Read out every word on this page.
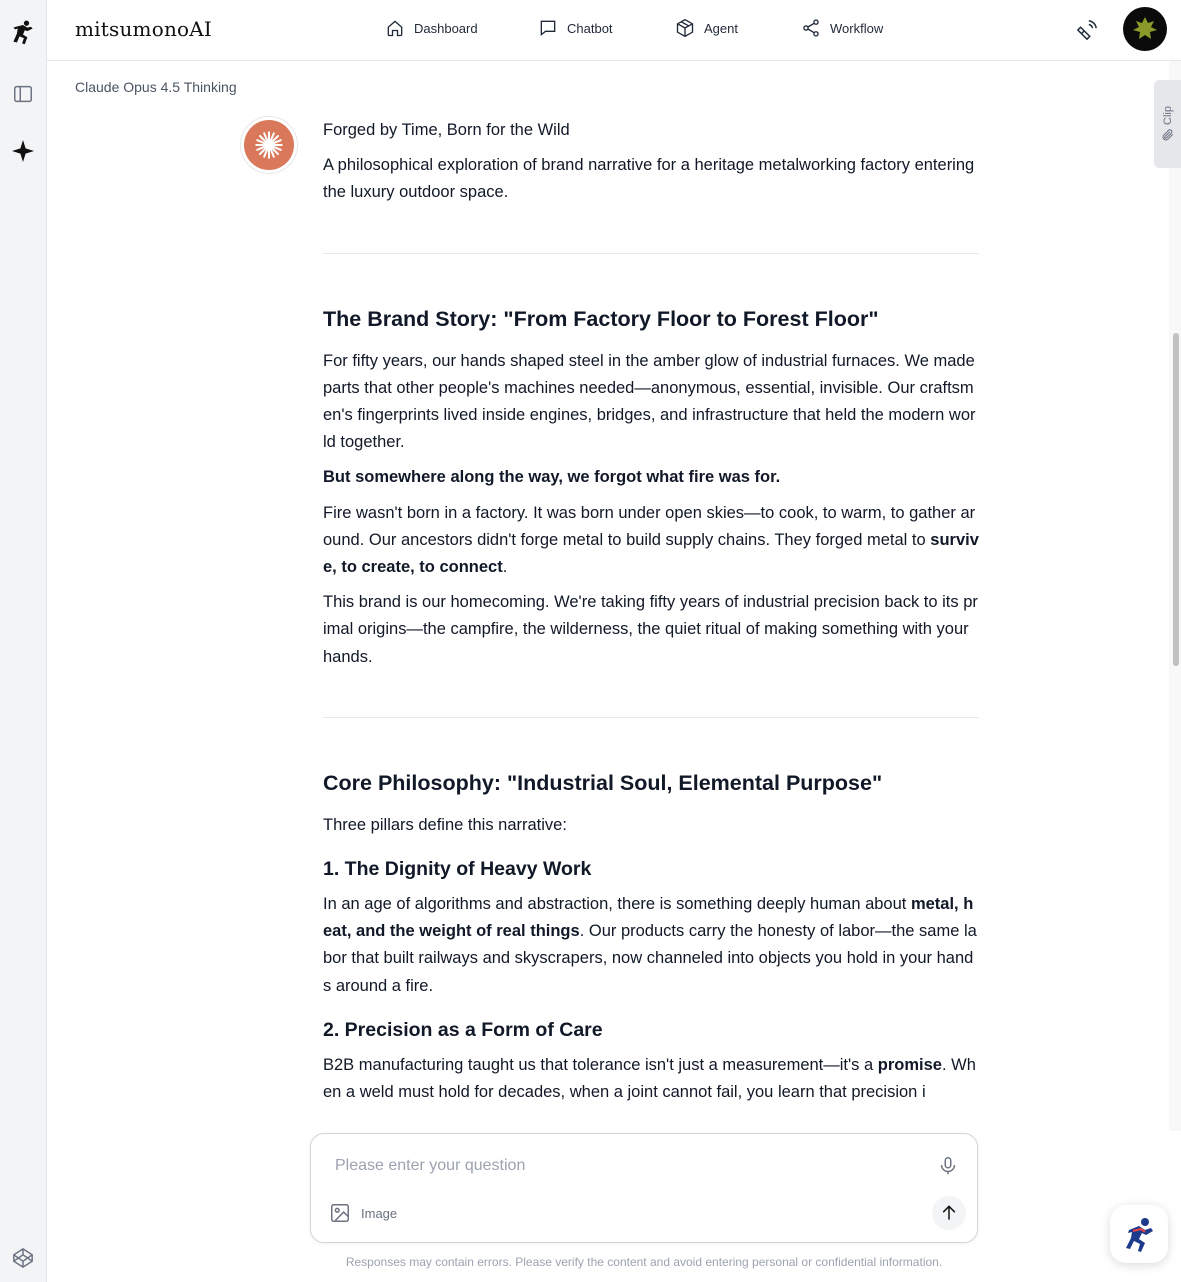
mitsumonoAI	Dashboard	Chatbot	Agent	Workflow
Claude Opus 4.5 Thinking
Clip

Forged by Time, Born for the Wild

A philosophical exploration of brand narrative for a heritage metalworking factory entering the luxury outdoor space.

The Brand Story: "From Factory Floor to Forest Floor"

For fifty years, our hands shaped steel in the amber glow of industrial furnaces. We made parts that other people's machines needed—anonymous, essential, invisible. Our craftsmen's fingerprints lived inside engines, bridges, and infrastructure that held the modern world together.

But somewhere along the way, we forgot what fire was for.

Fire wasn't born in a factory. It was born under open skies—to cook, to warm, to gather around. Our ancestors didn't forge metal to build supply chains. They forged metal to survive, to create, to connect.

This brand is our homecoming. We're taking fifty years of industrial precision back to its primal origins—the campfire, the wilderness, the quiet ritual of making something with your hands.

Core Philosophy: "Industrial Soul, Elemental Purpose"

Three pillars define this narrative:

1. The Dignity of Heavy Work

In an age of algorithms and abstraction, there is something deeply human about metal, heat, and the weight of real things. Our products carry the honesty of labor—the same labor that built railways and skyscrapers, now channeled into objects you hold in your hands around a fire.

2. Precision as a Form of Care

B2B manufacturing taught us that tolerance isn't just a measurement—it's a promise. When a weld must hold for decades, when a joint cannot fail, you learn that precision i

Please enter your question
Image
Responses may contain errors. Please verify the content and avoid entering personal or confidential information.
